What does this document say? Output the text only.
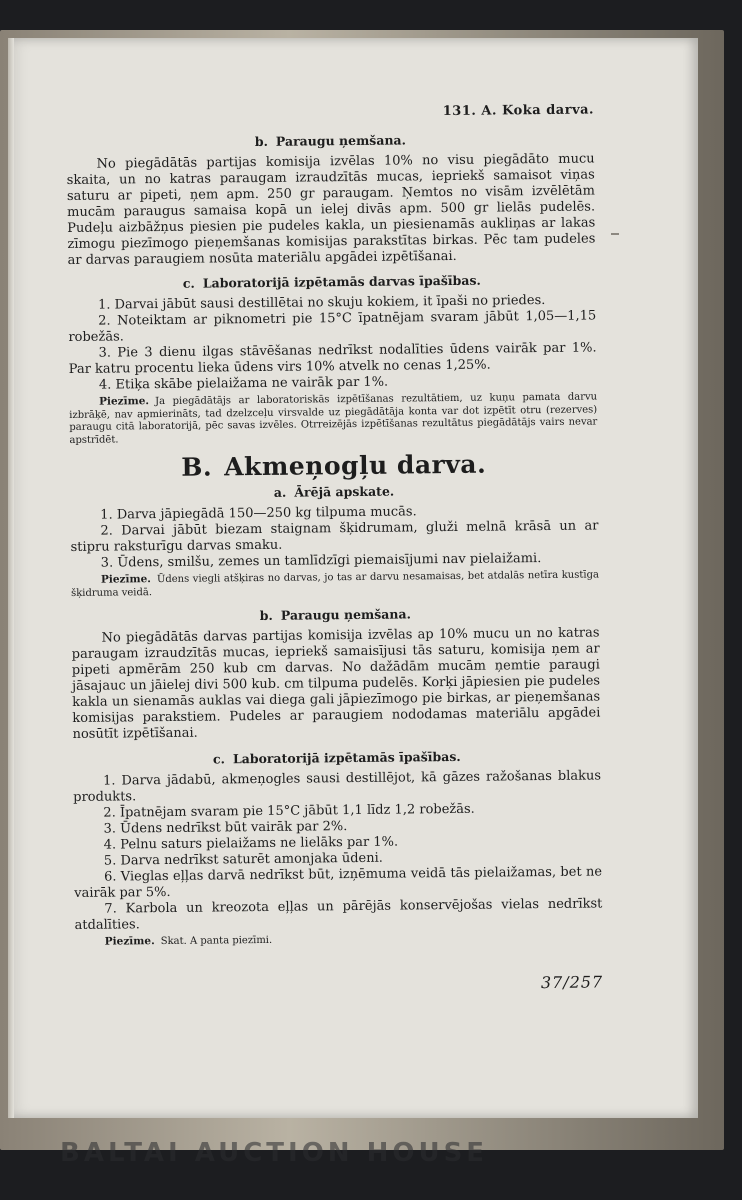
131. A. Koka darva.
b. Paraugu ņemšana.

No piegādātās partijas komisija izvēlas 10% no visu piegādāto mucu skaita, un no katras paraugam izraudzītās mucas, iepriekš samaisot viņas saturu ar pipeti, ņem apm. 250 gr paraugam. Ņemtos no visām izvēlētām mucām paraugus samaisa kopā un ielej divās apm. 500 gr lielās pudelēs. Pudeļu aizbāžņus piesien pie pudeles kakla, un piesienamās aukliņas ar lakas zīmogu piezīmogo pieņemšanas komisijas parakstītas birkas. Pēc tam pudeles ar darvas paraugiem nosūta materiālu apgādei izpētīšanai.

c. Laboratorijā izpētamās darvas īpašības.
1. Darvai jābūt sausi destillētai no skuju kokiem, it īpaši no priedes.
2. Noteiktam ar piknometri pie 15°C īpatnējam svaram jābūt 1,05—1,15 robežās.
3. Pie 3 dienu ilgas stāvēšanas nedrīkst nodalīties ūdens vairāk par 1%. Par katru procentu lieka ūdens virs 10% atvelk no cenas 1,25%.
4. Etiķa skābe pielaižama ne vairāk par 1%.
Piezīme. Ja piegādātājs ar laboratoriskās izpētīšanas rezultātiem, uz kuņu pamata darvu izbrāķē, nav apmierināts, tad dzelzceļu virsvalde uz piegādātāja konta var dot izpētīt otru (rezerves) paraugu citā laboratorijā, pēc savas izvēles. Otrreizējās izpētīšanas rezultātus piegādātājs vairs nevar apstrīdēt.
B. Akmeņogļu darva.
a. Ārējā apskate.
1. Darva jāpiegādā 150—250 kg tilpuma mucās.
2. Darvai jābūt biezam staignam šķidrumam, gluži melnā krāsā un ar stipru raksturīgu darvas smaku.
3. Ūdens, smilšu, zemes un tamlīdzīgi piemaisījumi nav pielaižami.
Piezīme. Ūdens viegli atšķiras no darvas, jo tas ar darvu nesamaisas, bet atdalās netīra kustīga šķidruma veidā.
b. Paraugu ņemšana.

No piegādātās darvas partijas komisija izvēlas ap 10% mucu un no katras paraugam izraudzītās mucas, iepriekš samaisījusi tās saturu, komisija ņem ar pipeti apmērām 250 kub cm darvas. No dažādām mucām ņemtie paraugi jāsajauc un jāielej divi 500 kub. cm tilpuma pudelēs. Korķi jāpiesien pie pudeles kakla un sienamās auklas vai diega gali jāpiezīmogo pie birkas, ar pieņemšanas komisijas parakstiem. Pudeles ar paraugiem nododamas materiālu apgādei nosūtīt izpētīšanai.

c. Laboratorijā izpētamās īpašības.
1. Darva jādabū, akmeņogles sausi destillējot, kā gāzes ražošanas blakus produkts.
2. Īpatnējam svaram pie 15°C jābūt 1,1 līdz 1,2 robežās.
3. Ūdens nedrīkst būt vairāk par 2%.
4. Pelnu saturs pielaižams ne lielāks par 1%.
5. Darva nedrīkst saturēt amonjaka ūdeni.
6. Vieglas eļļas darvā nedrīkst būt, izņēmuma veidā tās pielaižamas, bet ne vairāk par 5%.
7. Karbola un kreozota eļļas un pārējās konservējošas vielas nedrīkst atdalīties.
Piezīme. Skat. A panta piezīmi.
37/257
BALTAI AUCTION HOUSE
